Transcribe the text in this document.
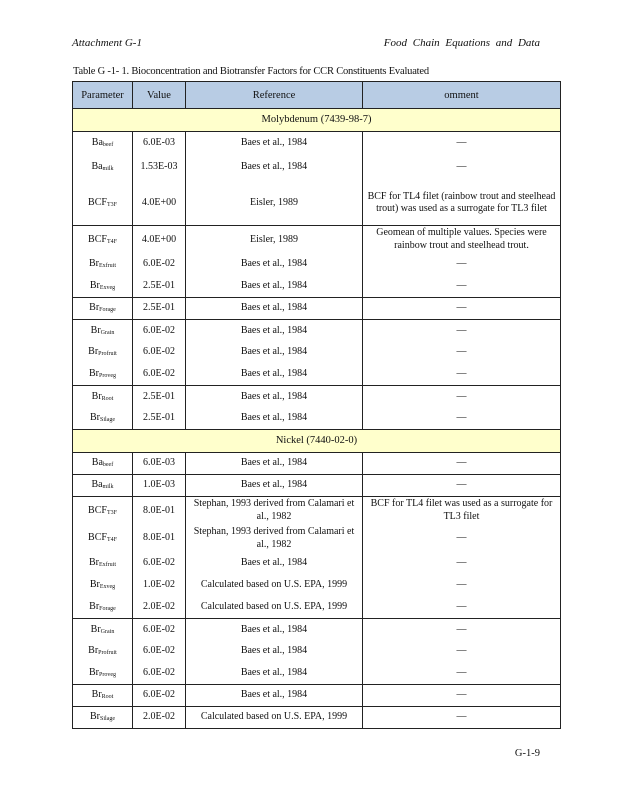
Attachment G-1	Food Chain Equations and Data
Table G -1- 1. Bioconcentration and Biotransfer Factors for CCR Constituents Evaluated
Parameter	Value	Reference	omment
Molybdenum (7439-98-7)			
Babeef	6.0E-03	Baes et al., 1984	—
Bamilk	1.53E-03	Baes et al., 1984	—
BCFT3F	4.0E+00	Eisler, 1989	BCF for TL4 filet (rainbow trout and steelhead trout) was used as a surrogate for TL3 filet
BCFT4F	4.0E+00	Eisler, 1989	Geomean of multiple values. Species were rainbow trout and steelhead trout.
BrExfruit	6.0E-02	Baes et al., 1984	—
BrExveg	2.5E-01	Baes et al., 1984	—
BrForage	2.5E-01	Baes et al., 1984	—
BrGrain	6.0E-02	Baes et al., 1984	—
BrProfruit	6.0E-02	Baes et al., 1984	—
BrProveg	6.0E-02	Baes et al., 1984	—
BrRoot	2.5E-01	Baes et al., 1984	—
BrSilage	2.5E-01	Baes et al., 1984	—
Nickel (7440-02-0)			
Babeef	6.0E-03	Baes et al., 1984	—
Bamilk	1.0E-03	Baes et al., 1984	—
BCFT3F	8.0E-01	Stephan, 1993 derived from Calamari et al., 1982	BCF for TL4 filet was used as a surrogate for TL3 filet
BCFT4F	8.0E-01	Stephan, 1993 derived from Calamari et al., 1982	—
BrExfruit	6.0E-02	Baes et al., 1984	—
BrExveg	1.0E-02	Calculated based on U.S. EPA, 1999	—
BrForage	2.0E-02	Calculated based on U.S. EPA, 1999	—
BrGrain	6.0E-02	Baes et al., 1984	—
BrProfruit	6.0E-02	Baes et al., 1984	—
BrProveg	6.0E-02	Baes et al., 1984	—
BrRoot	6.0E-02	Baes et al., 1984	—
BrSilage	2.0E-02	Calculated based on U.S. EPA, 1999	—
G-1-9
